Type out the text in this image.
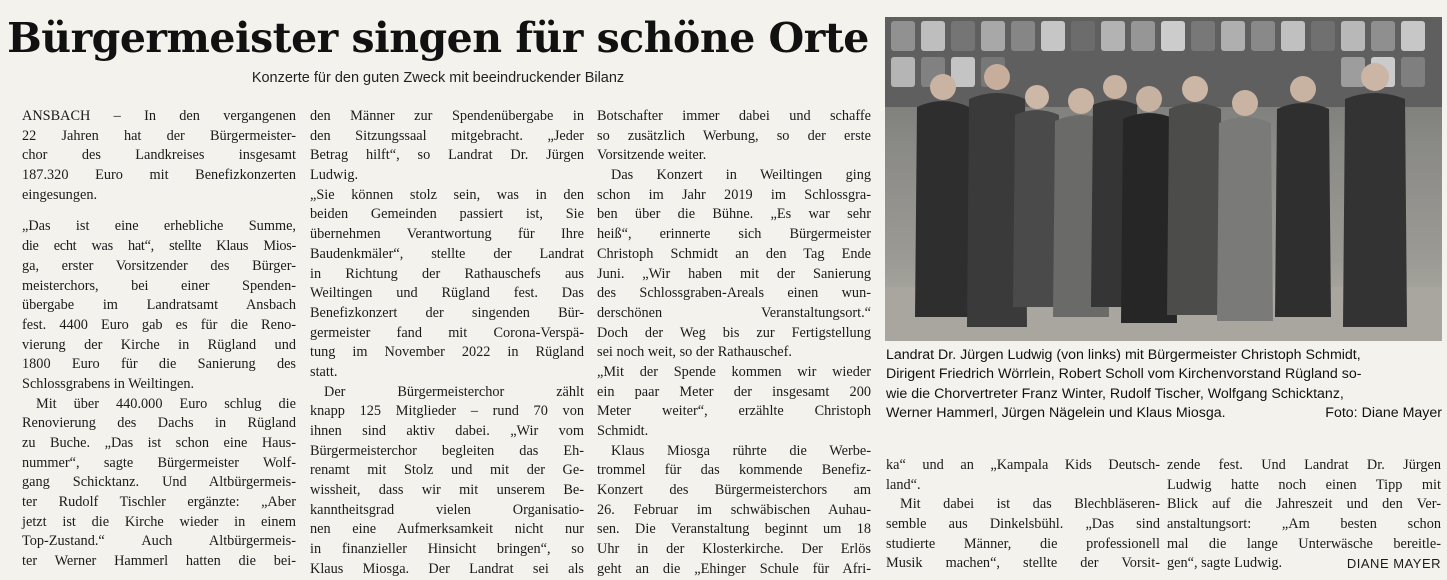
Bürgermeister singen für schöne Orte
Konzerte für den guten Zweck mit beeindruckender Bilanz
ANSBACH – In den vergangenen
22 Jahren hat der Bürgermeister-
chor des Landkreises insgesamt
187.320 Euro mit Benefizkonzerten
eingesungen.
„Das ist eine erhebliche Summe,
die echt was hat“, stellte Klaus Mios-
ga, erster Vorsitzender des Bürger-
meisterchors, bei einer Spenden-
übergabe im Landratsamt Ansbach
fest. 4400 Euro gab es für die Reno-
vierung der Kirche in Rügland und
1800 Euro für die Sanierung des
Schlossgrabens in Weiltingen.
Mit über 440.000 Euro schlug die
Renovierung des Dachs in Rügland
zu Buche. „Das ist schon eine Haus-
nummer“, sagte Bürgermeister Wolf-
gang Schicktanz. Und Altbürgermeis-
ter Rudolf Tischler ergänzte: „Aber
jetzt ist die Kirche wieder in einem
Top-Zustand.“ Auch Altbürgermeis-
ter Werner Hammerl hatten die bei-
den Männer zur Spendenübergabe in
den Sitzungssaal mitgebracht. „Jeder
Betrag hilft“, so Landrat Dr. Jürgen
Ludwig.
„Sie können stolz sein, was in den
beiden Gemeinden passiert ist, Sie
übernehmen Verantwortung für Ihre
Baudenkmäler“, stellte der Landrat
in Richtung der Rathauschefs aus
Weiltingen und Rügland fest. Das
Benefizkonzert der singenden Bür-
germeister fand mit Corona-Verspä-
tung im November 2022 in Rügland
statt.
Der Bürgermeisterchor zählt
knapp 125 Mitglieder – rund 70 von
ihnen sind aktiv dabei. „Wir vom
Bürgermeisterchor begleiten das Eh-
renamt mit Stolz und mit der Ge-
wissheit, dass wir mit unserem Be-
kanntheitsgrad vielen Organisatio-
nen eine Aufmerksamkeit nicht nur
in finanzieller Hinsicht bringen“, so
Klaus Miosga. Der Landrat sei als
Botschafter immer dabei und schaffe
so zusätzlich Werbung, so der erste
Vorsitzende weiter.
Das Konzert in Weiltingen ging
schon im Jahr 2019 im Schlossgra-
ben über die Bühne. „Es war sehr
heiß“, erinnerte sich Bürgermeister
Christoph Schmidt an den Tag Ende
Juni. „Wir haben mit der Sanierung
des Schlossgraben-Areals einen wun-
derschönen Veranstaltungsort.“
Doch der Weg bis zur Fertigstellung
sei noch weit, so der Rathauschef.
„Mit der Spende kommen wir wieder
ein paar Meter der insgesamt 200
Meter weiter“, erzählte Christoph
Schmidt.
Klaus Miosga rührte die Werbe-
trommel für das kommende Benefiz-
Konzert des Bürgermeisterchors am
26. Februar im schwäbischen Auhau-
sen. Die Veranstaltung beginnt um 18
Uhr in der Klosterkirche. Der Erlös
geht an die „Ehinger Schule für Afri-
Landrat Dr. Jürgen Ludwig (von links) mit Bürgermeister Christoph Schmidt,
Dirigent Friedrich Wörrlein, Robert Scholl vom Kirchenvorstand Rügland so-
wie die Chorvertreter Franz Winter, Rudolf Tischer, Wolfgang Schicktanz,
Werner Hammerl, Jürgen Nägelein und Klaus Miosga.	Foto: Diane Mayer
ka“ und an „Kampala Kids Deutsch-
land“.
Mit dabei ist das Blechbläseren-
semble aus Dinkelsbühl. „Das sind
studierte Männer, die professionell
Musik machen“, stellte der Vorsit-
zende fest. Und Landrat Dr. Jürgen
Ludwig hatte noch einen Tipp mit
Blick auf die Jahreszeit und den Ver-
anstaltungsort: „Am besten schon
mal die lange Unterwäsche bereitle-
gen“, sagte Ludwig.	DIANE MAYER
